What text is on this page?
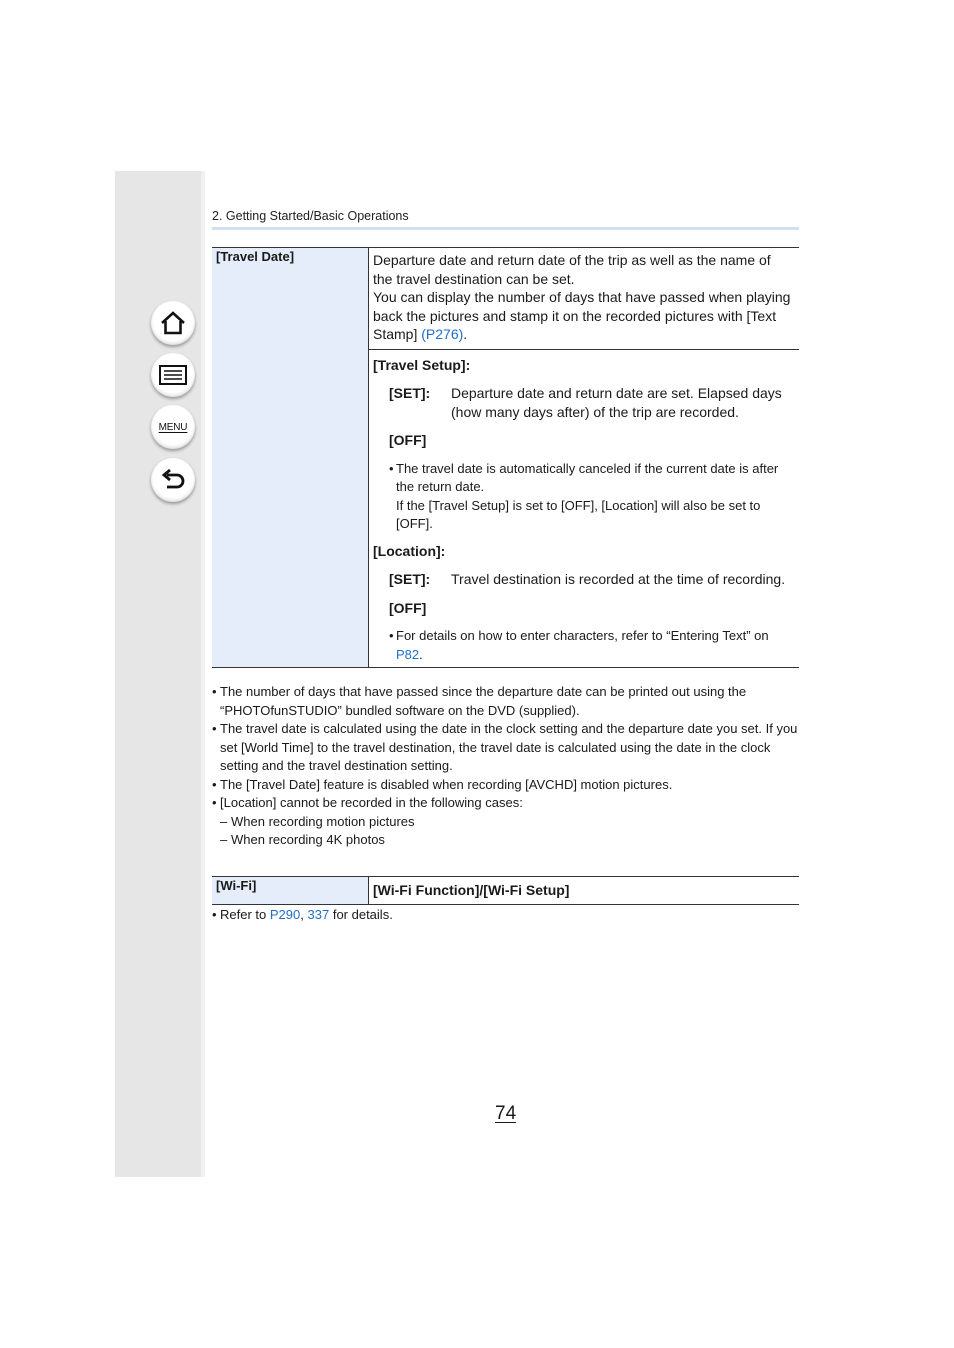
MENU
2. Getting Started/Basic Operations
[Travel Date]	Departure date and return date of the trip as well as the name of the travel destination can be set.
You can display the number of days that have passed when playing back the pictures and stamp it on the recorded pictures with [Text Stamp] (P276).
[Travel Setup]:
[SET]:	Departure date and return date are set. Elapsed days (how many days after) of the trip are recorded.
[OFF]
• The travel date is automatically canceled if the current date is after the return date.
If the [Travel Setup] is set to [OFF], [Location] will also be set to [OFF].
[Location]:
[SET]:	Travel destination is recorded at the time of recording.
[OFF]
• For details on how to enter characters, refer to “Entering Text” on P82.
• The number of days that have passed since the departure date can be printed out using the “PHOTOfunSTUDIO” bundled software on the DVD (supplied).
• The travel date is calculated using the date in the clock setting and the departure date you set. If you set [World Time] to the travel destination, the travel date is calculated using the date in the clock setting and the travel destination setting.
• The [Travel Date] feature is disabled when recording [AVCHD] motion pictures.
• [Location] cannot be recorded in the following cases:
– When recording motion pictures
– When recording 4K photos
[Wi-Fi]	[Wi-Fi Function]/[Wi-Fi Setup]
• Refer to P290, 337 for details.
74
